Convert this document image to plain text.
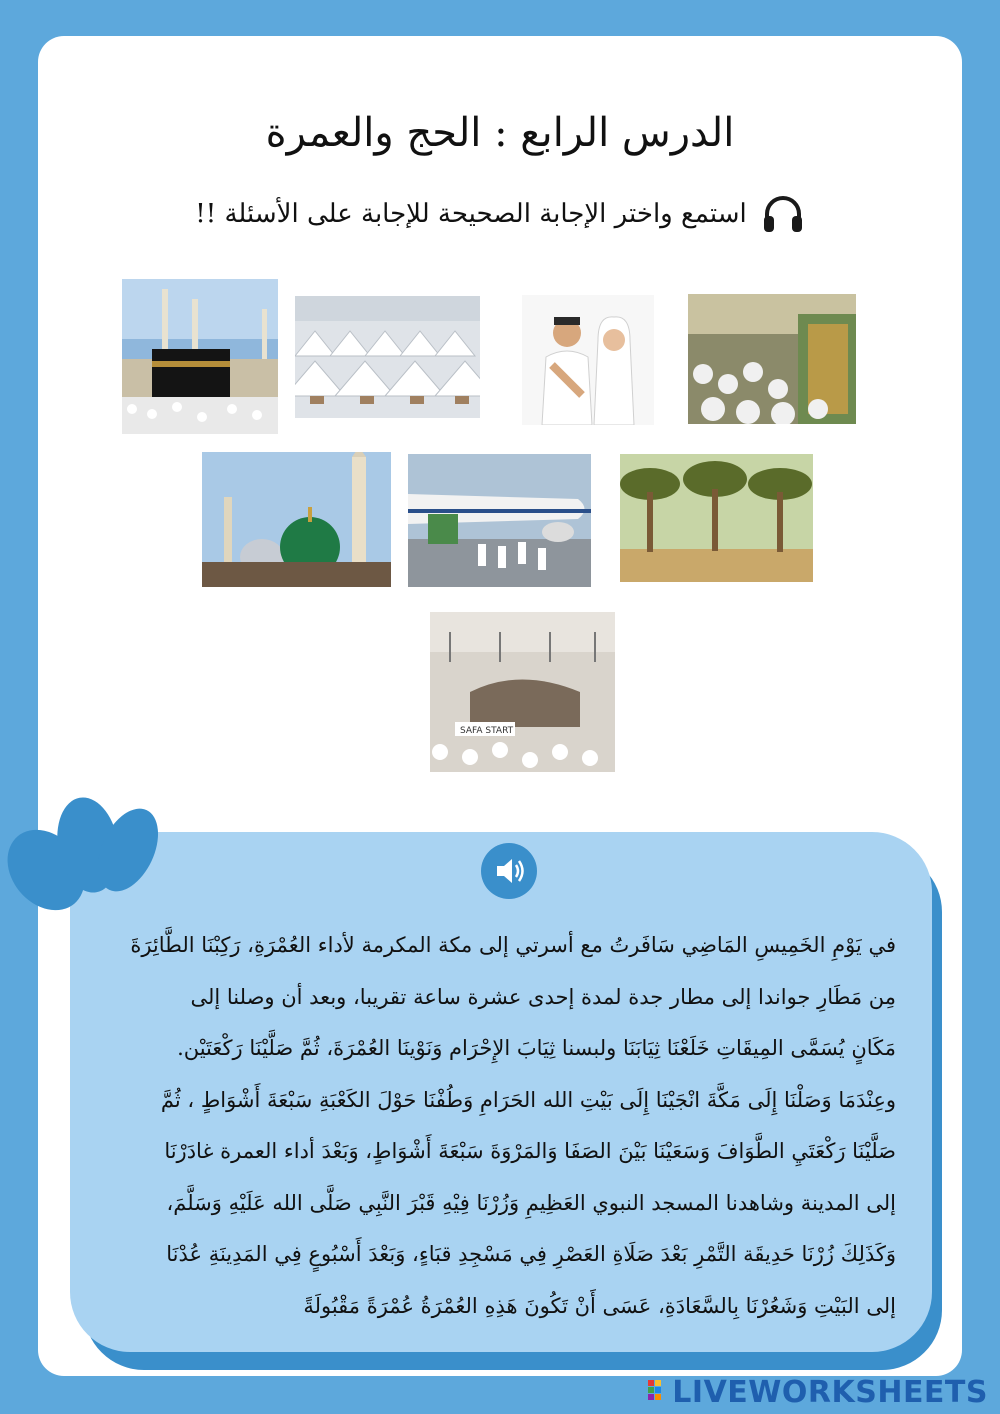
الدرس الرابع : الحج والعمرة
استمع واختر الإجابة الصحيحة للإجابة على الأسئلة !!
SAFA START
في يَوْمِ الخَمِيسِ المَاضِي سَافَرتُ مع أسرتي إلى مكة المكرمة لأداء العُمْرَةِ، رَكِبْنَا الطَّائِرَةَ
مِن مَطَارِ جواندا إلى مطار جدة لمدة إحدى عشرة ساعة تقريبا، وبعد أن وصلنا إلى
مَكَانٍ يُسَمَّى المِيقَاتِ خَلَعْنَا ثِيَابَنَا ولبسنا ثِيَابَ الإِحْرَام وَنَوْينَا العُمْرَةَ، ثُمَّ صَلَّيْنَا رَكْعَتَيْن.
وعِنْدَمَا وَصَلْنَا إِلَى مَكَّةَ انْجَيْنَا إِلَى بَيْتِ الله الحَرَامِ وَطُفْنَا حَوْلَ الكَعْبَةِ سَبْعَةَ أَشْوَاطٍ ، ثُمَّ
صَلَّيْنَا رَكْعَتَيِ الطَّوَافَ وَسَعَيْنَا بَيْنَ الصَفَا وَالمَرْوَةَ سَبْعَةَ أَشْوَاطٍ، وَبَعْدَ أداء العمرة غادَرْنَا
إلى المدينة وشاهدنا المسجد النبوي العَظِيمِ وَزُرْنَا فِيْهِ قَبْرَ النَّبِي صَلَّى الله عَلَيْهِ وَسَلَّمَ،
وَكَذَلِكَ زُرْنَا حَدِيقَة التَّمْرِ بَعْدَ صَلَاةِ العَصْرِ فِي مَسْجِدِ قبَاءٍ، وَبَعْدَ أَسْبُوعٍ فِي المَدِينَةِ عُدْنَا
إلى البَيْتِ وَشَعُرْنَا بِالسَّعَادَةِ، عَسَى أَنْ تَكُونَ هَذِهِ العُمْرَةُ عُمْرَةً مَقْبُولَةً
LIVEWORKSHEETS
